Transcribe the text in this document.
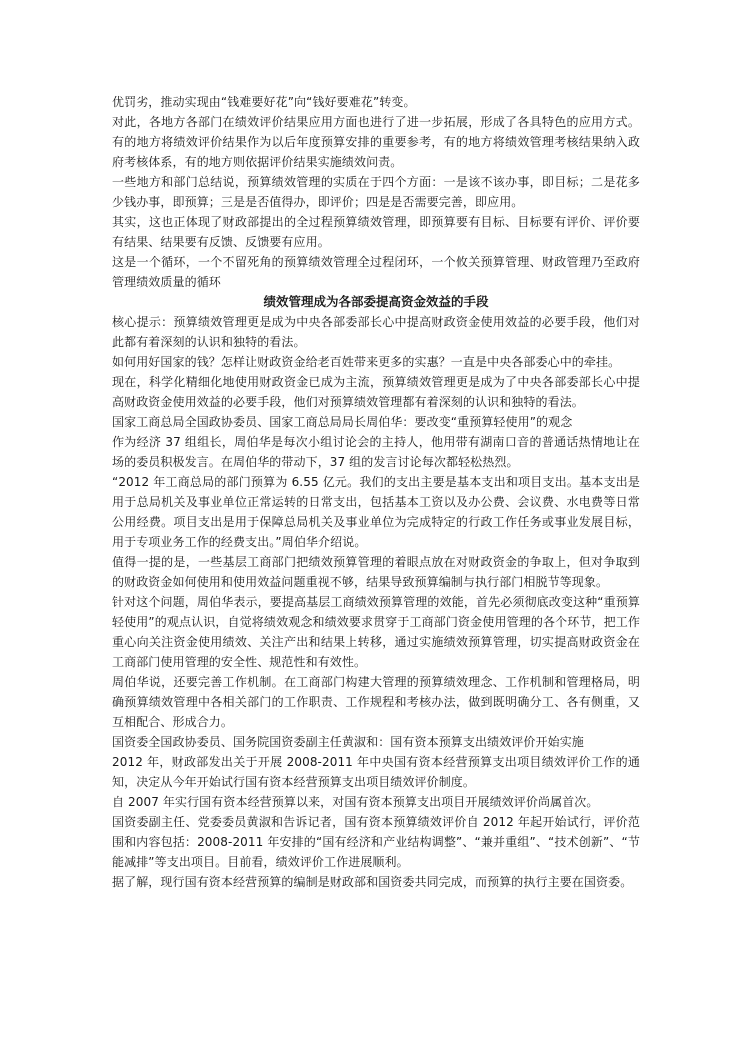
优罚劣，推动实现由“钱难要好花”向“钱好要难花”转变。

对此，各地方各部门在绩效评价结果应用方面也进行了进一步拓展，形成了各具特色的应用方式。有的地方将绩效评价结果作为以后年度预算安排的重要参考，有的地方将绩效管理考核结果纳入政府考核体系，有的地方则依据评价结果实施绩效问责。

一些地方和部门总结说，预算绩效管理的实质在于四个方面：一是该不该办事，即目标；二是花多少钱办事，即预算；三是是否值得办，即评价；四是是否需要完善，即应用。

其实，这也正体现了财政部提出的全过程预算绩效管理，即预算要有目标、目标要有评价、评价要有结果、结果要有反馈、反馈要有应用。

这是一个循环，一个不留死角的预算绩效管理全过程闭环，一个攸关预算管理、财政管理乃至政府管理绩效质量的循环

绩效管理成为各部委提高资金效益的手段

核心提示：预算绩效管理更是成为中央各部委部长心中提高财政资金使用效益的必要手段，他们对此都有着深刻的认识和独特的看法。

如何用好国家的钱？怎样让财政资金给老百姓带来更多的实惠？一直是中央各部委心中的牵挂。

现在，科学化精细化地使用财政资金已成为主流，预算绩效管理更是成为了中央各部委部长心中提高财政资金使用效益的必要手段，他们对预算绩效管理都有着深刻的认识和独特的看法。

国家工商总局全国政协委员、国家工商总局局长周伯华：要改变“重预算轻使用”的观念

作为经济 37 组组长，周伯华是每次小组讨论会的主持人，他用带有湖南口音的普通话热情地让在场的委员积极发言。在周伯华的带动下，37 组的发言讨论每次都轻松热烈。

“2012 年工商总局的部门预算为 6.55 亿元。我们的支出主要是基本支出和项目支出。基本支出是用于总局机关及事业单位正常运转的日常支出，包括基本工资以及办公费、会议费、水电费等日常公用经费。项目支出是用于保障总局机关及事业单位为完成特定的行政工作任务或事业发展目标，用于专项业务工作的经费支出。”周伯华介绍说。

值得一提的是，一些基层工商部门把绩效预算管理的着眼点放在对财政资金的争取上，但对争取到的财政资金如何使用和使用效益问题重视不够，结果导致预算编制与执行部门相脱节等现象。

针对这个问题，周伯华表示，要提高基层工商绩效预算管理的效能，首先必须彻底改变这种“重预算轻使用”的观点认识，自觉将绩效观念和绩效要求贯穿于工商部门资金使用管理的各个环节，把工作重心向关注资金使用绩效、关注产出和结果上转移，通过实施绩效预算管理，切实提高财政资金在工商部门使用管理的安全性、规范性和有效性。

周伯华说，还要完善工作机制。在工商部门构建大管理的预算绩效理念、工作机制和管理格局，明确预算绩效管理中各相关部门的工作职责、工作规程和考核办法，做到既明确分工、各有侧重，又互相配合、形成合力。

国资委全国政协委员、国务院国资委副主任黄淑和：国有资本预算支出绩效评价开始实施

2012 年，财政部发出关于开展 2008-2011 年中央国有资本经营预算支出项目绩效评价工作的通知，决定从今年开始试行国有资本经营预算支出项目绩效评价制度。

自 2007 年实行国有资本经营预算以来，对国有资本预算支出项目开展绩效评价尚属首次。

国资委副主任、党委委员黄淑和告诉记者，国有资本预算绩效评价自 2012 年起开始试行，评价范围和内容包括：2008-2011 年安排的“国有经济和产业结构调整”、“兼并重组”、“技术创新”、“节能减排”等支出项目。目前看，绩效评价工作进展顺利。

据了解，现行国有资本经营预算的编制是财政部和国资委共同完成，而预算的执行主要在国资委。
